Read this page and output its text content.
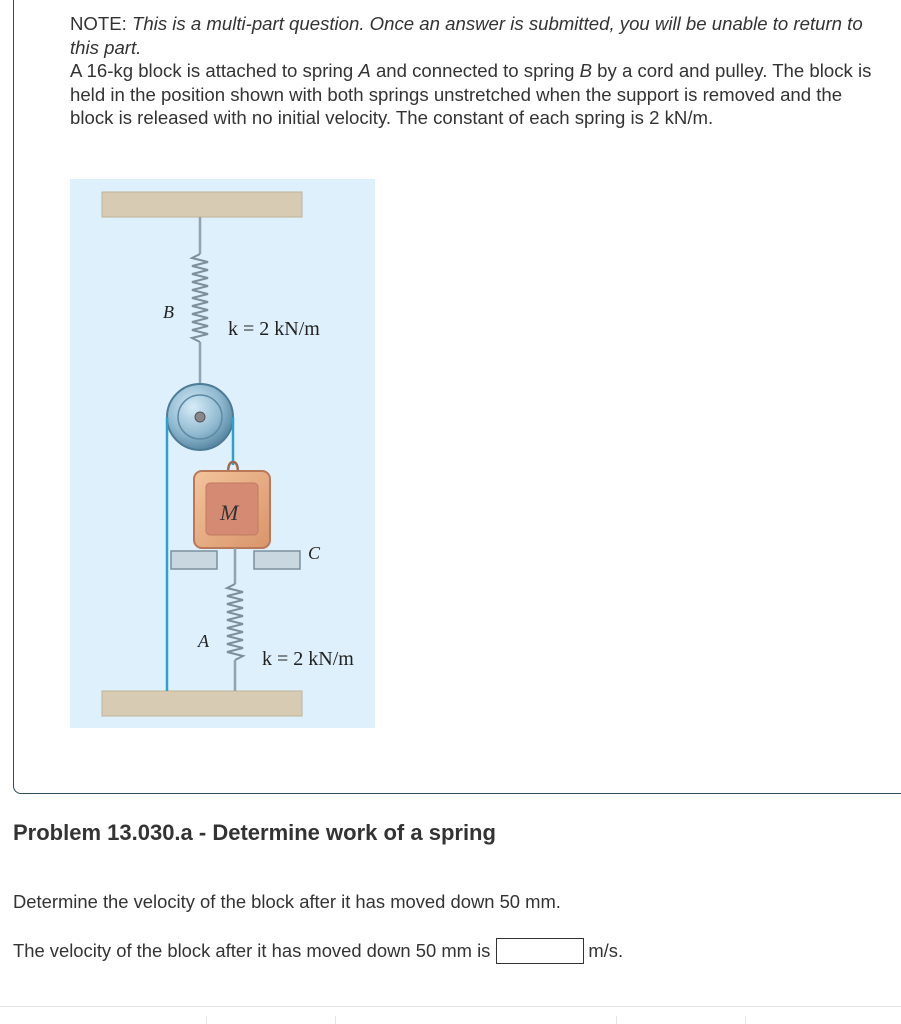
NOTE: This is a multi-part question. Once an answer is submitted, you will be unable to return to this part.
A 16-kg block is attached to spring A and connected to spring B by a cord and pulley. The block is held in the position shown with both springs unstretched when the support is removed and the block is released with no initial velocity. The constant of each spring is 2 kN/m.
B
k = 2 kN/m
M
C
A
k = 2 kN/m
Problem 13.030.a - Determine work of a spring
Determine the velocity of the block after it has moved down 50 mm.
The velocity of the block after it has moved down 50 mm is	m/s.
